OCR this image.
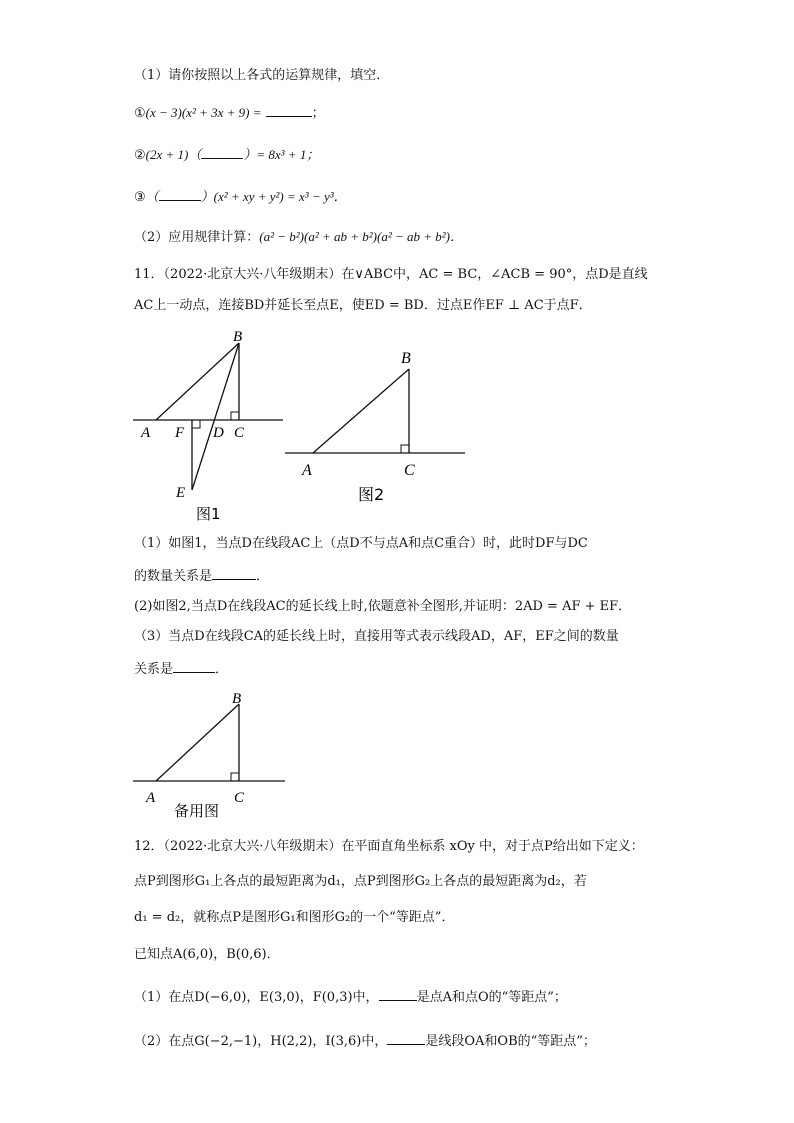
（1）请你按照以上各式的运算规律，填空．
①(x − 3)(x² + 3x + 9) =	；
②(2x + 1)（	）= 8x³ + 1；
③（	）(x² + xy + y²) = x³ − y³．
（2）应用规律计算：(a² − b²)(a² + ab + b²)(a² − ab + b²)．
11．（2022·北京大兴·八年级期末）在∨ABC中，AC = BC，∠ACB = 90°，点D是直线
AC上一动点，连接BD并延长至点E，使ED = BD．过点E作EF ⊥ AC于点F．
B
A F D C
E
图1
B
A	C
图2
（1）如图1，当点D在线段AC上（点D不与点A和点C重合）时，此时DF与DC
的数量关系是	．
(2)如图2,当点D在线段AC的延长线上时,依题意补全图形,并证明：2AD = AF + EF．
（3）当点D在线段CA的延长线上时，直接用等式表示线段AD，AF，EF之间的数量
关系是	．
B
A	C
备用图
12．（2022·北京大兴·八年级期末）在平面直角坐标系 xOy 中，对于点P给出如下定义：
点P到图形G₁上各点的最短距离为d₁，点P到图形G₂上各点的最短距离为d₂，若
d₁ = d₂，就称点P是图形G₁和图形G₂的一个“等距点”．
已知点A(6,0)，B(0,6)．
（1）在点D(−6,0)，E(3,0)，F(0,3)中，	是点A和点O的“等距点”；
（2）在点G(−2,−1)，H(2,2)，I(3,6)中，	是线段OA和OB的“等距点”；
